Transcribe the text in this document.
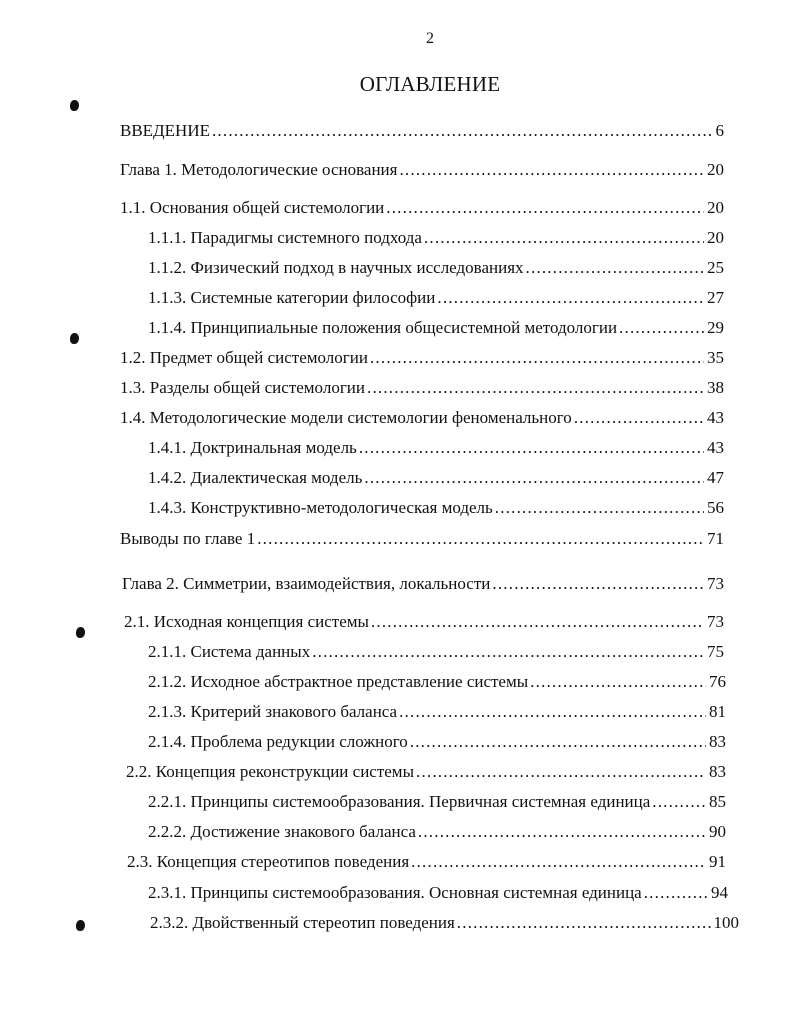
2
ОГЛАВЛЕНИЕ
ВВЕДЕНИЕ .....	6
Глава 1. Методологические основания .....	20
1.1. Основания общей системологии .....	20
1.1.1. Парадигмы системного подхода .....	20
1.1.2. Физический подход в научных исследованиях .....	25
1.1.3. Системные категории философии .....	27
1.1.4. Принципиальные положения общесистемной методологии .....	29
1.2. Предмет общей системологии .....	35
1.3. Разделы общей системологии .....	38
1.4. Методологические модели системологии феноменального .....	43
1.4.1. Доктринальная модель .....	43
1.4.2. Диалектическая модель .....	47
1.4.3. Конструктивно-методологическая модель .....	56
Выводы по главе 1 .....	71
Глава 2. Симметрии, взаимодействия, локальности .....	73
2.1. Исходная концепция системы .....	73
2.1.1. Система данных .....	75
2.1.2. Исходное абстрактное представление системы .....	76
2.1.3. Критерий знакового баланса .....	81
2.1.4. Проблема редукции сложного .....	83
2.2. Концепция реконструкции системы .....	83
2.2.1. Принципы системообразования. Первичная системная единица .....	85
2.2.2. Достижение знакового баланса .....	90
2.3. Концепция стереотипов поведения .....	91
2.3.1. Принципы системообразования. Основная системная единица .....	94
2.3.2. Двойственный стереотип поведения .....	100
